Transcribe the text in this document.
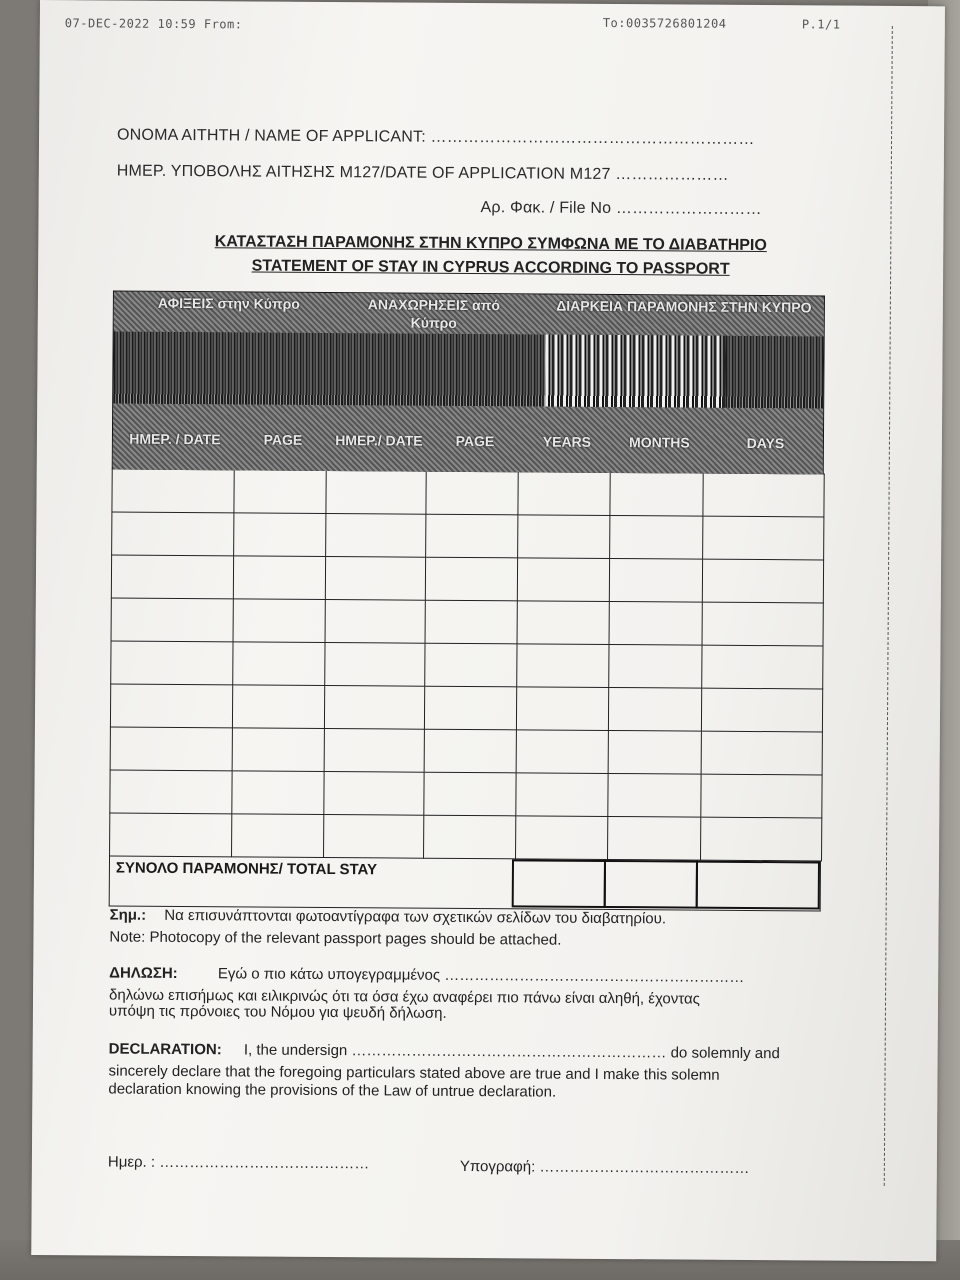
07-DEC-2022 10:59 From:	To:0035726801204	P.1/1
ΟΝΟΜΑ ΑΙΤΗΤΗ / NAME OF APPLICANT: ……………………………………………………
ΗΜΕΡ. ΥΠΟΒΟΛΗΣ ΑΙΤΗΣΗΣ Μ127/DATE OF APPLICATION M127 …………………
Αρ. Φακ. / File No ………………………
ΚΑΤΑΣΤΑΣΗ ΠΑΡΑΜΟΝΗΣ ΣΤΗΝ ΚΥΠΡΟ ΣΥΜΦΩΝΑ ΜΕ ΤΟ ΔΙΑΒΑΤΗΡΙΟ
STATEMENT OF STAY IN CYPRUS ACCORDING TO PASSPORT
ΑΦΙΞΕΙΣ στην Κύπρο	ΑΝΑΧΩΡΗΣΕΙΣ από Κύπρο
ΔΙΑΡΚΕΙΑ ΠΑΡΑΜΟΝΗΣ ΣΤΗΝ ΚΥΠΡΟ
ΗΜΕΡ. / DATE	PAGE	ΗΜΕΡ./ DATE	PAGE	YEARS	MONTHS	DAYS

ΣΥΝΟΛΟ ΠΑΡΑΜΟΝΗΣ/ TOTAL STAY
Σημ.: Να επισυνάπτονται φωτοαντίγραφα των σχετικών σελίδων του διαβατηρίου.
Note: Photocopy of the relevant passport pages should be attached.
ΔΗΛΩΣΗ:	Εγώ ο πιο κάτω υπογεγραμμένος ……………………………………………………
δηλώνω επισήμως και ειλικρινώς ότι τα όσα έχω αναφέρει πιο πάνω είναι αληθή, έχοντας
υπόψη τις πρόνοιες του Νόμου για ψευδή δήλωση.
DECLARATION: I, the undersign ……………………………………………………… do solemnly and
sincerely declare that the foregoing particulars stated above are true and I make this solemn
declaration knowing the provisions of the Law of untrue declaration.
Ημερ. : ……………………………………	Υπογραφή: ……………………………………
